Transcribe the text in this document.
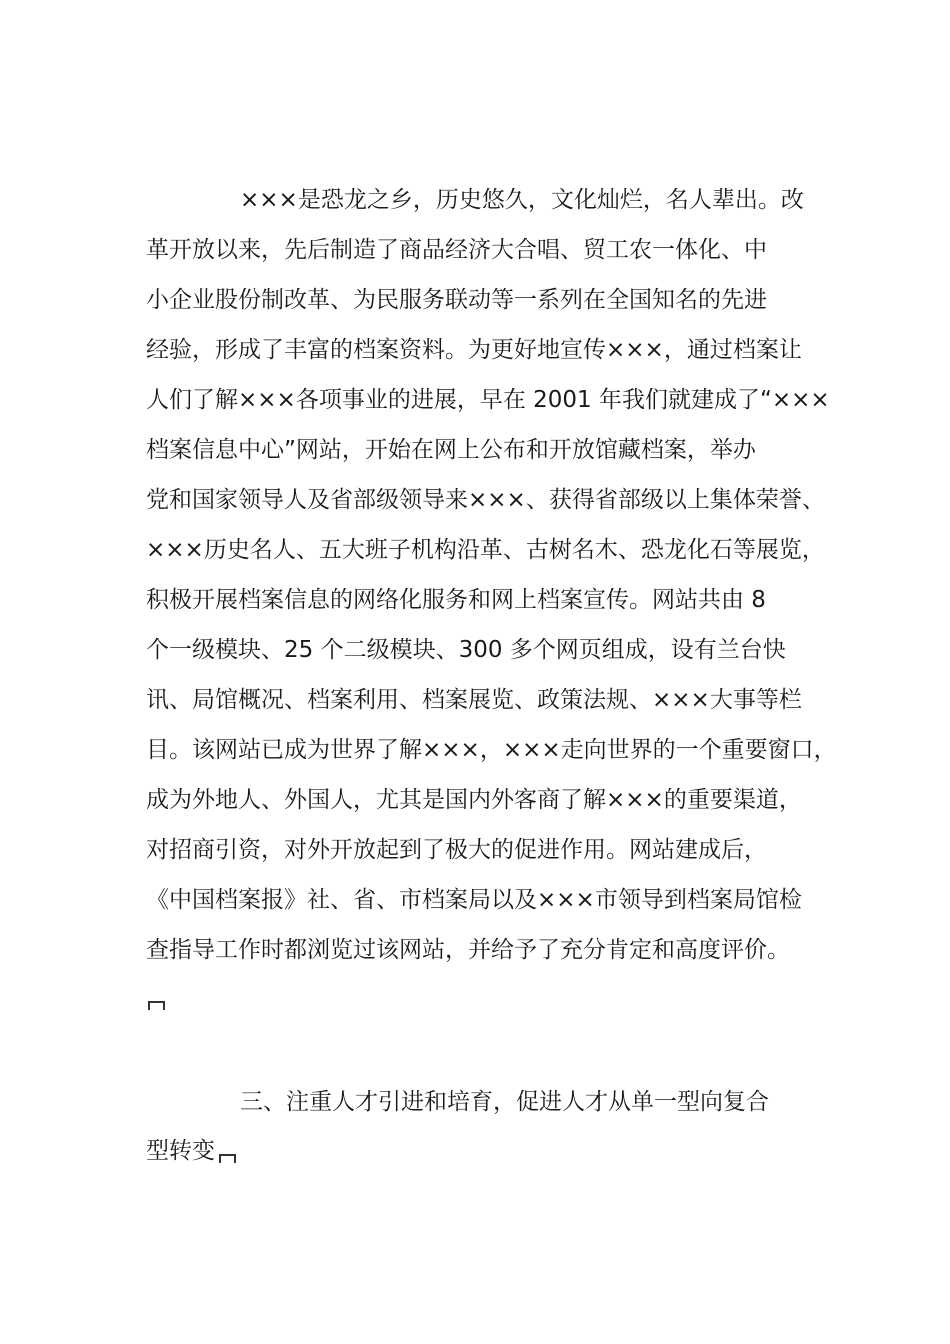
×××是恐龙之乡，历史悠久，文化灿烂，名人辈出。改
革开放以来，先后制造了商品经济大合唱、贸工农一体化、中
小企业股份制改革、为民服务联动等一系列在全国知名的先进
经验，形成了丰富的档案资料。为更好地宣传×××，通过档案让
人们了解×××各项事业的进展，早在 2001 年我们就建成了“×××
档案信息中心”网站，开始在网上公布和开放馆藏档案，举办
党和国家领导人及省部级领导来×××、获得省部级以上集体荣誉、
×××历史名人、五大班子机构沿革、古树名木、恐龙化石等展览，
积极开展档案信息的网络化服务和网上档案宣传。网站共由 8
个一级模块、25 个二级模块、300 多个网页组成，设有兰台快
讯、局馆概况、档案利用、档案展览、政策法规、×××大事等栏
目。该网站已成为世界了解×××，×××走向世界的一个重要窗口，
成为外地人、外国人，尤其是国内外客商了解×××的重要渠道，
对招商引资，对外开放起到了极大的促进作用。网站建成后，
《中国档案报》社、省、市档案局以及×××市领导到档案局馆检
查指导工作时都浏览过该网站，并给予了充分肯定和高度评价。
三、注重人才引进和培育，促进人才从单一型向复合
型转变
